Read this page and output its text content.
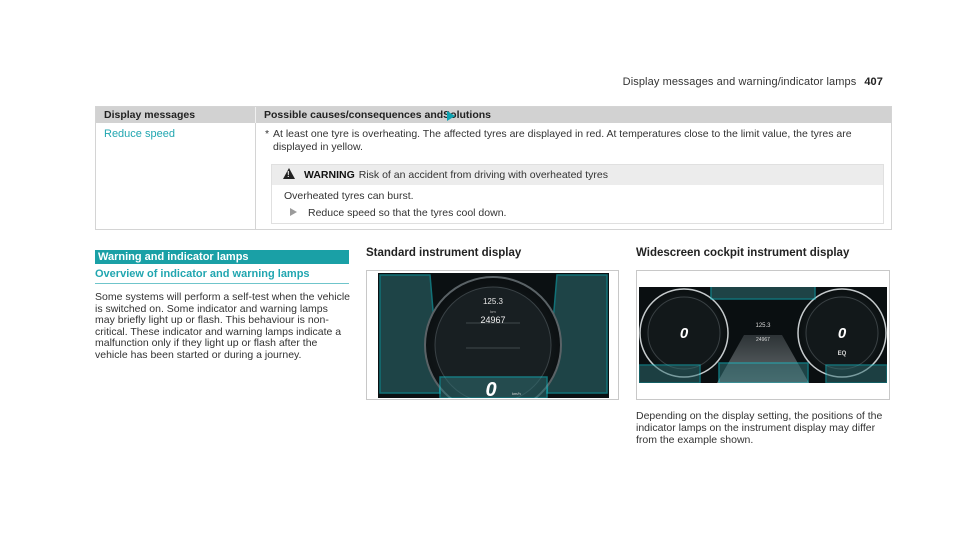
Display messages and warning/indicator lamps 407
Display messages	Possible causes/consequences and
Solutions
Reduce speed	* At least one tyre is overheating. The affected tyres are displayed in red. At temperatures close to the limit value, the tyres are displayed in yellow.
!
WARNING Risk of an accident from driving with overheated tyres
Overheated tyres can burst.
Reduce speed so that the tyres cool down.
Warning and indicator lamps
Overview of indicator and warning lamps
Some systems will perform a self-test when the vehicle is switched on. Some indicator and warning lamps may briefly light up or flash. This behaviour is non-critical. These indicator and warning lamps indicate a malfunction only if they light up or flash after the vehicle has been started or during a journey.
Standard instrument display	Widescreen cockpit instrument display
125.3
km
24967
0	km/h
0	0
EQ
125.3
24967
Depending on the display setting, the positions of the indicator lamps on the instrument display may differ from the example shown.
